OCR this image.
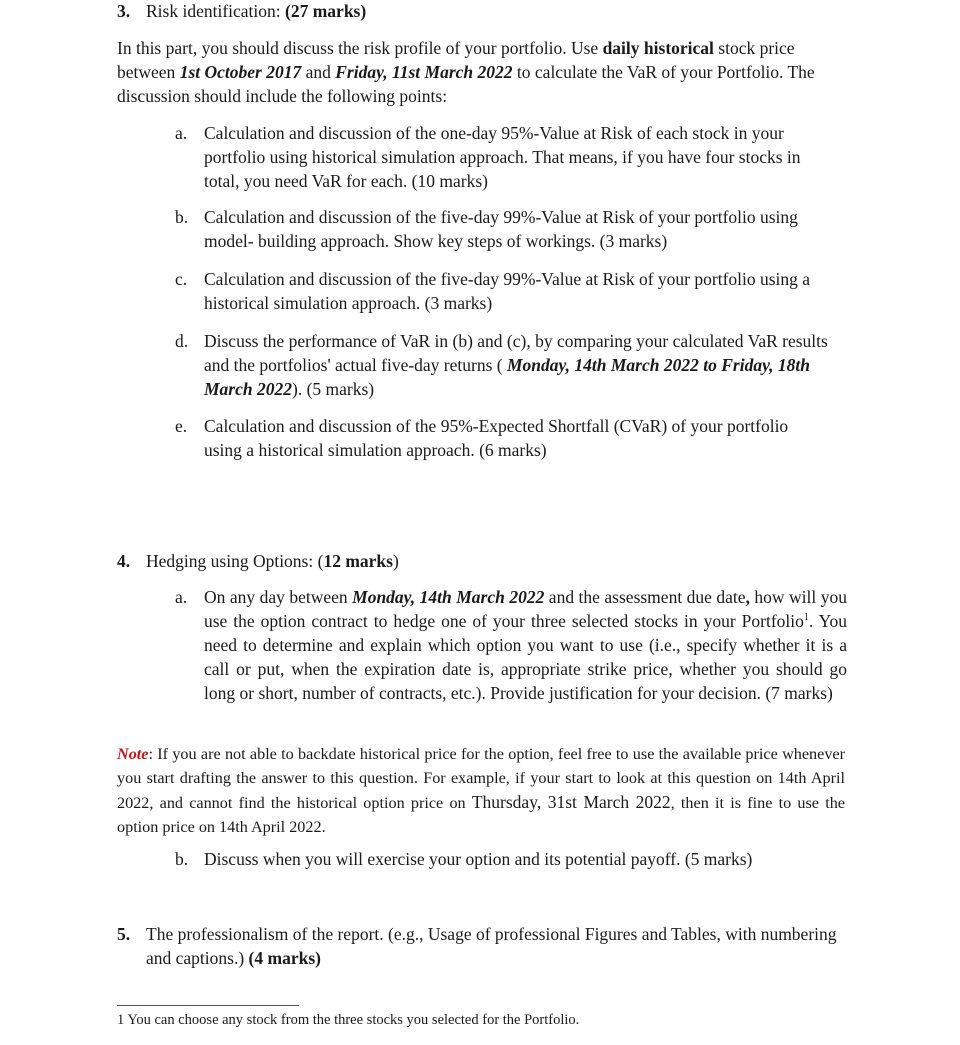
3. Risk identification: (27 marks)

In this part, you should discuss the risk profile of your portfolio. Use daily historical stock price between 1st October 2017 and Friday, 11st March 2022 to calculate the VaR of your Portfolio. The discussion should include the following points:

a. Calculation and discussion of the one-day 95%-Value at Risk of each stock in your portfolio using historical simulation approach. That means, if you have four stocks in total, you need VaR for each. (10 marks)
b. Calculation and discussion of the five-day 99%-Value at Risk of your portfolio using model- building approach. Show key steps of workings. (3 marks)
c. Calculation and discussion of the five-day 99%-Value at Risk of your portfolio using a historical simulation approach. (3 marks)
d. Discuss the performance of VaR in (b) and (c), by comparing your calculated VaR results and the portfolios' actual five-day returns ( Monday, 14th March 2022 to Friday, 18th March 2022). (5 marks)
e. Calculation and discussion of the 95%-Expected Shortfall (CVaR) of your portfolio using a historical simulation approach. (6 marks)
4. Hedging using Options: (12 marks)
a. On any day between Monday, 14th March 2022 and the assessment due date, how will you use the option contract to hedge one of your three selected stocks in your Portfolio$^1$. You need to determine and explain which option you want to use (i.e., specify whether it is a call or put, when the expiration date is, appropriate strike price, whether you should go long or short, number of contracts, etc.). Provide justification for your decision. (7 marks)

Note: If you are not able to backdate historical price for the option, feel free to use the available price whenever you start drafting the answer to this question. For example, if your start to look at this question on 14th April 2022, and cannot find the historical option price on Thursday, 31st March 2022, then it is fine to use the option price on 14th April 2022.

b. Discuss when you will exercise your option and its potential payoff. (5 marks)
5. The professionalism of the report. (e.g., Usage of professional Figures and Tables, with numbering and captions.) (4 marks)
1 You can choose any stock from the three stocks you selected for the Portfolio.
